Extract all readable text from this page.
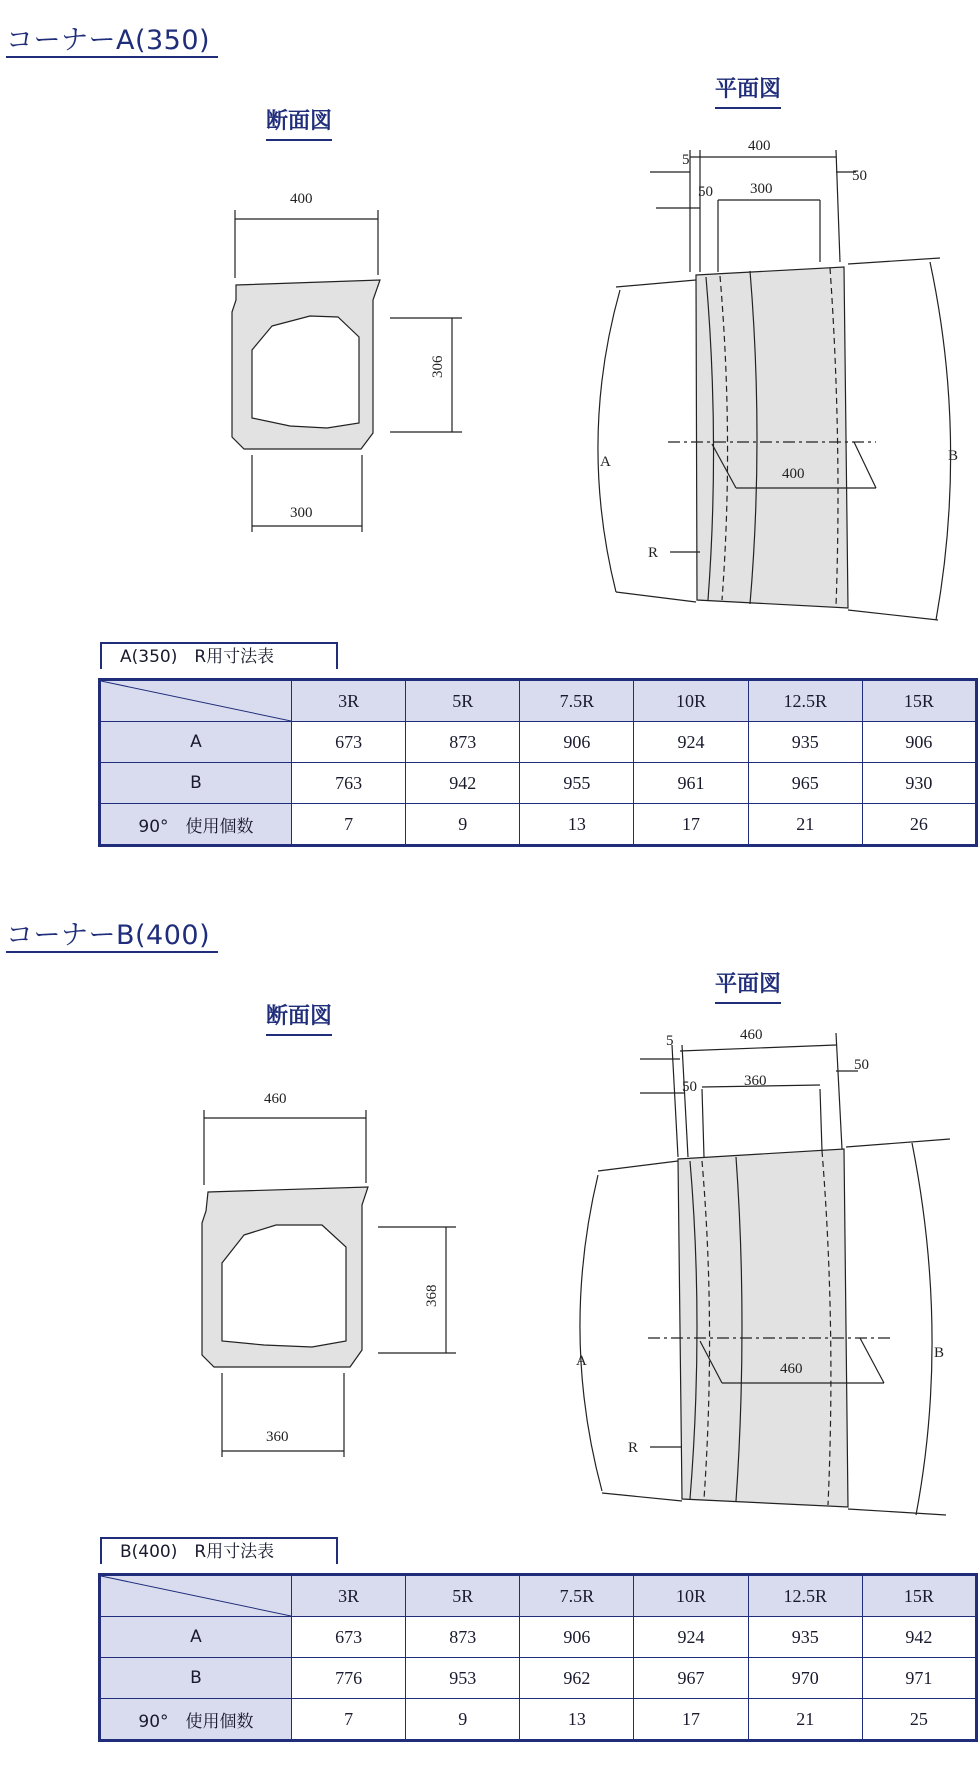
コーナーA(350)
断面図
平面図
400
300
306
400
5
50
50 300
400
A	B
R
A(350)　R用寸法表
	3R	5R	7.5R	10R	12.5R	15R
A	673	873	906	924	935	906
B	763	942	955	961	965	930
90°　使用個数	7	9	13	17	21	26
コーナーB(400)
断面図
平面図
460
360
368
460
5
50
50	360
460
A	B
R
B(400)　R用寸法表
	3R	5R	7.5R	10R	12.5R	15R
A	673	873	906	924	935	942
B	776	953	962	967	970	971
90°　使用個数	7	9	13	17	21	25
